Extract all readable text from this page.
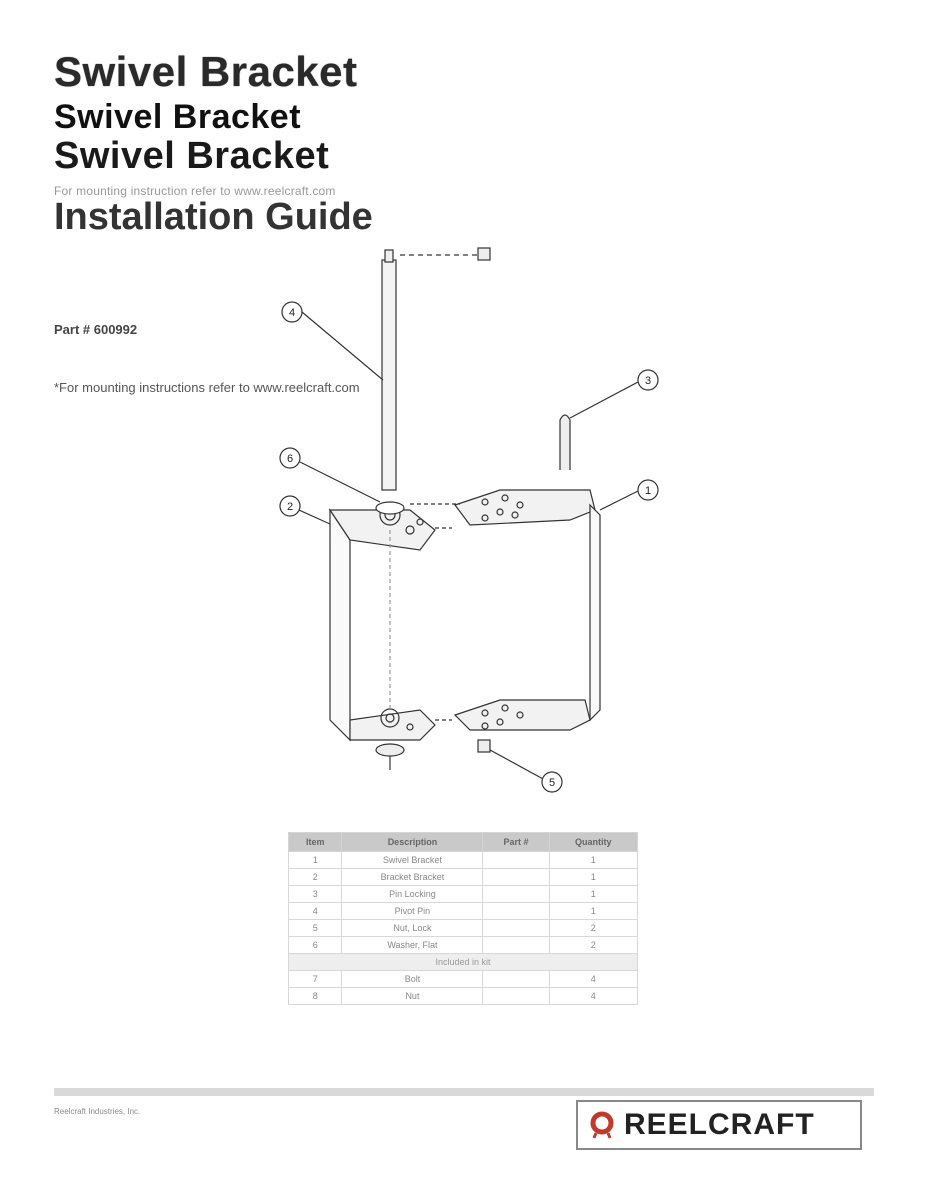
Swivel Bracket
Swivel Bracket
Swivel Bracket
For mounting instruction refer to www.reelcraft.com
Installation Guide
Part # 600992
*For mounting instructions refer to www.reelcraft.com
4
3
6
2
1
5
Item	Description	Part #	Quantity
1	Swivel Bracket		1
2	Bracket Bracket		1
3	Pin Locking		1
4	Pivot Pin		1
5	Nut, Lock		2
6	Washer, Flat		2
Included in kit			
7	Bolt		4
8	Nut		4
Reelcraft Industries, Inc.	REELCRAFT
